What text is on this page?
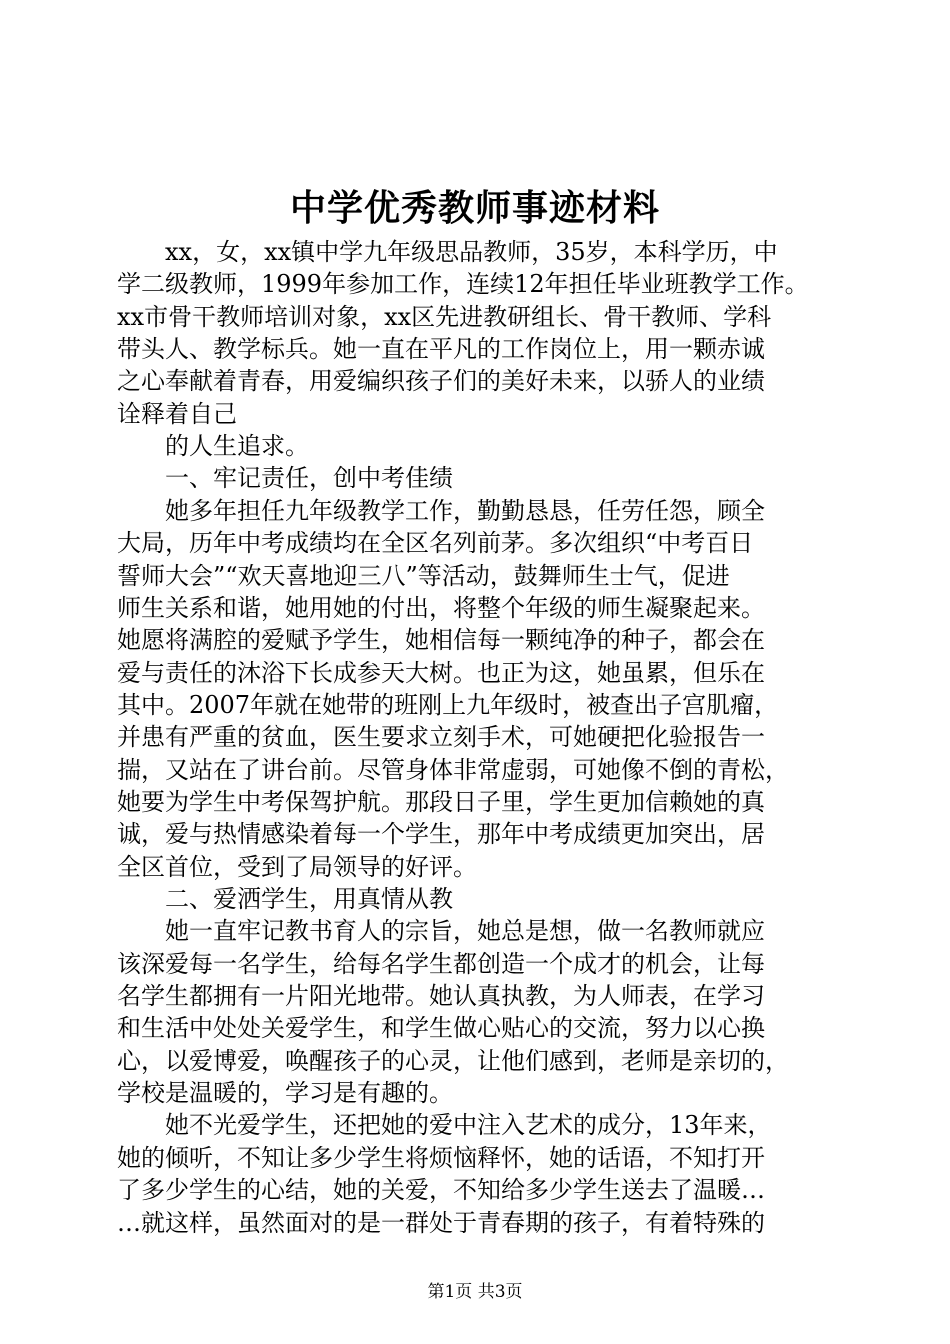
中学优秀教师事迹材料
　　xx，女，xx镇中学九年级思品教师，35岁，本科学历，中
学二级教师，1999年参加工作，连续12年担任毕业班教学工作。
xx市骨干教师培训对象，xx区先进教研组长、骨干教师、学科
带头人、教学标兵。她一直在平凡的工作岗位上，用一颗赤诚
之心奉献着青春，用爱编织孩子们的美好未来，以骄人的业绩
诠释着自己
　　的人生追求。
　　一、牢记责任，创中考佳绩
　　她多年担任九年级教学工作，勤勤恳恳，任劳任怨，顾全
大局，历年中考成绩均在全区名列前茅。多次组织“中考百日
誓师大会”“欢天喜地迎三八”等活动，鼓舞师生士气，促进
师生关系和谐，她用她的付出，将整个年级的师生凝聚起来。
她愿将满腔的爱赋予学生，她相信每一颗纯净的种子，都会在
爱与责任的沐浴下长成参天大树。也正为这，她虽累，但乐在
其中。2007年就在她带的班刚上九年级时，被查出子宫肌瘤，
并患有严重的贫血，医生要求立刻手术，可她硬把化验报告一
揣，又站在了讲台前。尽管身体非常虚弱，可她像不倒的青松，
她要为学生中考保驾护航。那段日子里，学生更加信赖她的真
诚，爱与热情感染着每一个学生，那年中考成绩更加突出，居
全区首位，受到了局领导的好评。
　　二、爱洒学生，用真情从教
　　她一直牢记教书育人的宗旨，她总是想，做一名教师就应
该深爱每一名学生，给每名学生都创造一个成才的机会，让每
名学生都拥有一片阳光地带。她认真执教，为人师表，在学习
和生活中处处关爱学生，和学生做心贴心的交流，努力以心换
心，以爱博爱，唤醒孩子的心灵，让他们感到，老师是亲切的，
学校是温暖的，学习是有趣的。
　　她不光爱学生，还把她的爱中注入艺术的成分，13年来，
她的倾听，不知让多少学生将烦恼释怀，她的话语，不知打开
了多少学生的心结，她的关爱，不知给多少学生送去了温暖…
…就这样，虽然面对的是一群处于青春期的孩子，有着特殊的
第1页 共3页
